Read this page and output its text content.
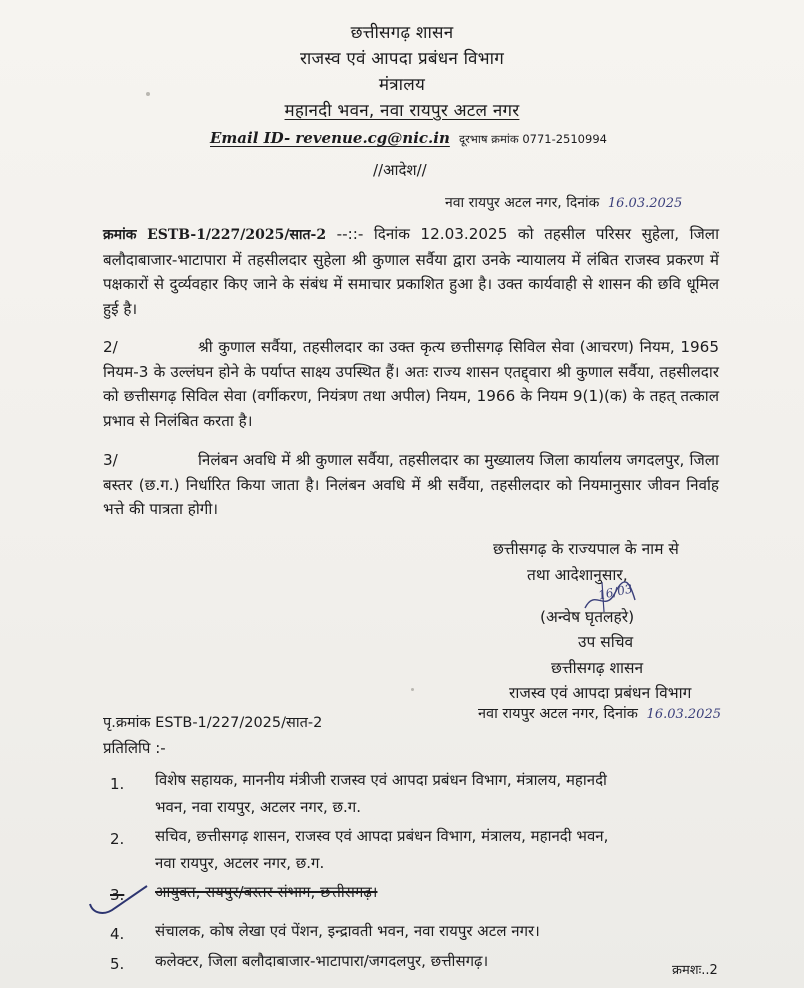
छत्तीसगढ़ शासन
राजस्व एवं आपदा प्रबंधन विभाग
मंत्रालय
महानदी भवन, नवा रायपुर अटल नगर
Email ID- revenue.cg@nic.in दूरभाष क्रमांक 0771-2510994
//आदेश//
नवा रायपुर अटल नगर, दिनांक 16.03.2025
क्रमांक ESTB-1/227/2025/सात-2 --::- दिनांक 12.03.2025 को तहसील परिसर सुहेला, जिला बलौदाबाजार-भाटापारा में तहसीलदार सुहेला श्री कुणाल सर्वैया द्वारा उनके न्यायालय में लंबित राजस्व प्रकरण में पक्षकारों से दुर्व्यवहार किए जाने के संबंध में समाचार प्रकाशित हुआ है। उक्त कार्यवाही से शासन की छवि धूमिल हुई है।
2/	श्री कुणाल सर्वैया, तहसीलदार का उक्त कृत्य छत्तीसगढ़ सिविल सेवा (आचरण) नियम, 1965 नियम-3 के उल्लंघन होने के पर्याप्त साक्ष्य उपस्थित हैं। अतः राज्य शासन एतद्द्वारा श्री कुणाल सर्वैया, तहसीलदार को छत्तीसगढ़ सिविल सेवा (वर्गीकरण, नियंत्रण तथा अपील) नियम, 1966 के नियम 9(1)(क) के तहत् तत्काल प्रभाव से निलंबित करता है।
3/	निलंबन अवधि में श्री कुणाल सर्वैया, तहसीलदार का मुख्यालय जिला कार्यालय जगदलपुर, जिला बस्तर (छ.ग.) निर्धारित किया जाता है। निलंबन अवधि में श्री सर्वैया, तहसीलदार को नियमानुसार जीवन निर्वाह भत्ते की पात्रता होगी।
छत्तीसगढ़ के राज्यपाल के नाम से
तथा आदेशानुसार,
16/03
(अन्वेष घृतलहरे)
उप सचिव
छत्तीसगढ़ शासन
राजस्व एवं आपदा प्रबंधन विभाग
नवा रायपुर अटल नगर, दिनांक 16.03.2025
पृ.क्रमांक ESTB-1/227/2025/सात-2
प्रतिलिपि :-
1. विशेष सहायक, माननीय मंत्रीजी राजस्व एवं आपदा प्रबंधन विभाग, मंत्रालय, महानदी
भवन, नवा रायपुर, अटलर नगर, छ.ग.
2. सचिव, छत्तीसगढ़ शासन, राजस्व एवं आपदा प्रबंधन विभाग, मंत्रालय, महानदी भवन,
नवा रायपुर, अटलर नगर, छ.ग.
3. आयुक्त, रायपुर/बस्तर संभाग, छत्तीसगढ़।
4. संचालक, कोष लेखा एवं पेंशन, इन्द्रावती भवन, नवा रायपुर अटल नगर।
5. कलेक्टर, जिला बलौदाबाजार-भाटापारा/जगदलपुर, छत्तीसगढ़।
क्रमशः..2
